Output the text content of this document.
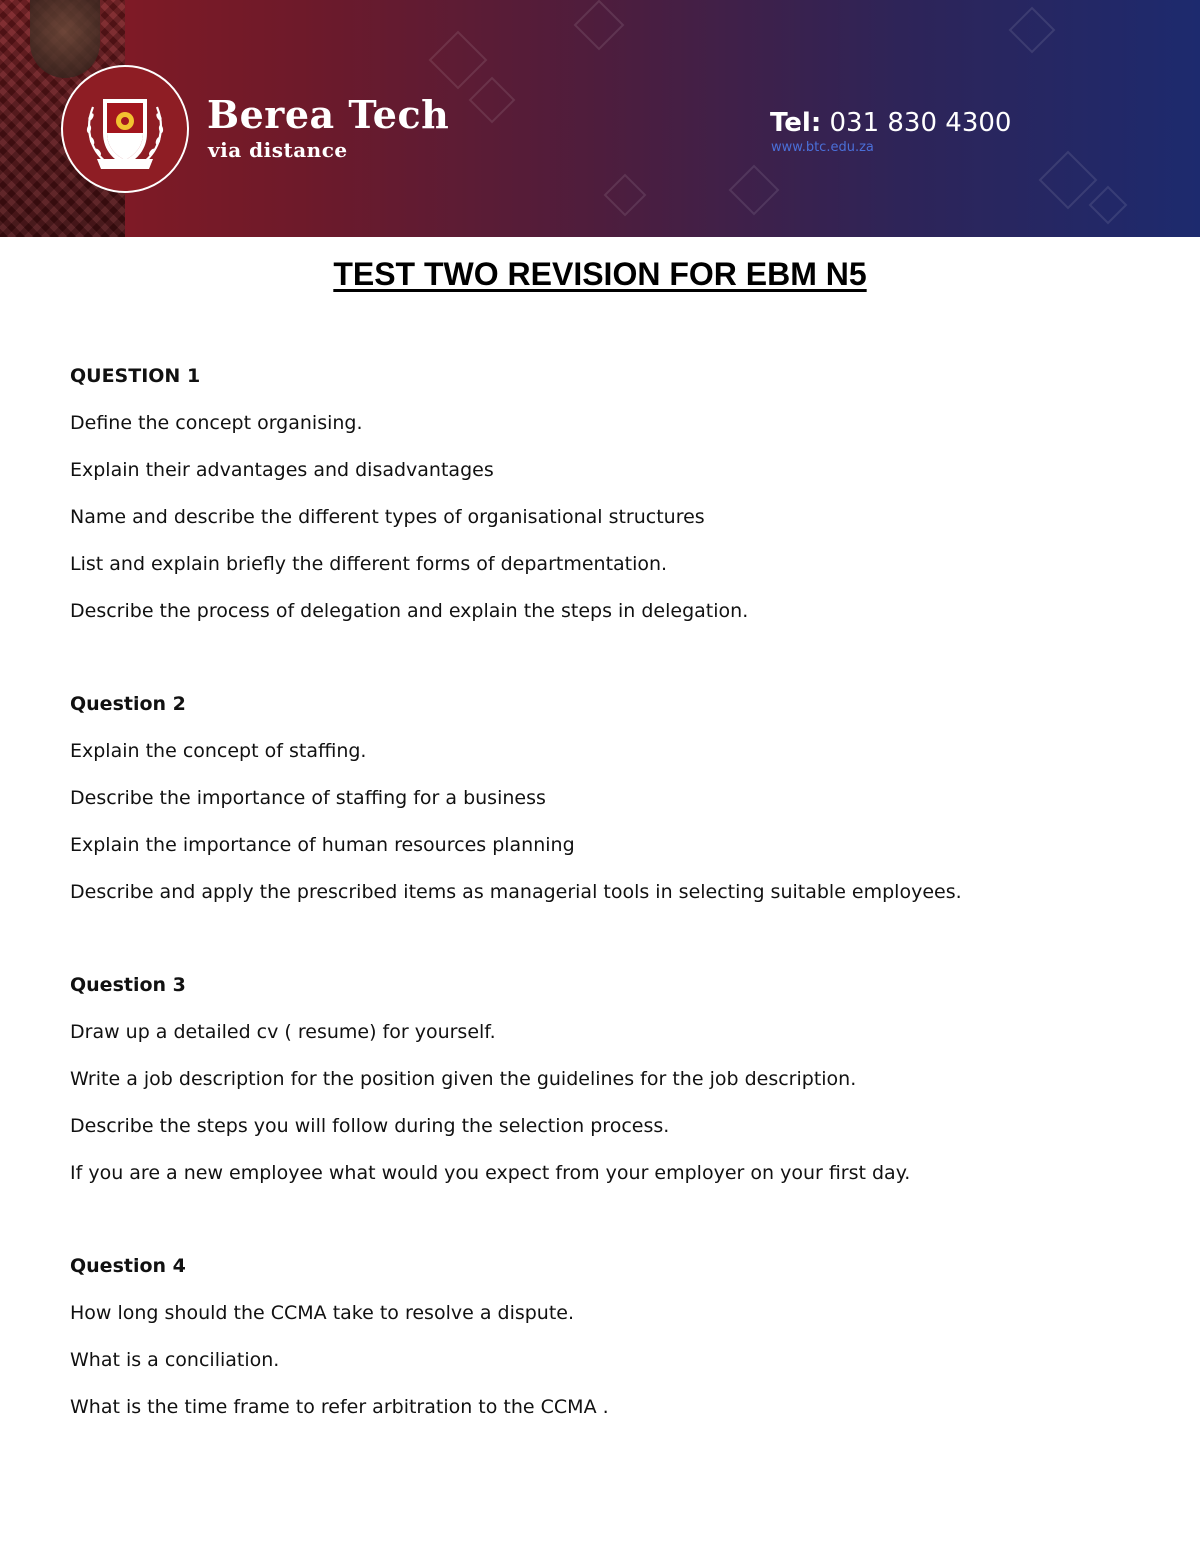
Berea Tech
via distance
Tel: 031 830 4300
www.btc.edu.za
TEST TWO REVISION FOR EBM N5
QUESTION 1
Define the concept organising.
Explain their advantages and disadvantages
Name and describe the different types of organisational structures
List and explain briefly the different forms of departmentation.
Describe the process of delegation and explain the steps in delegation.
Question 2
Explain the concept of staffing.
Describe the importance of staffing for a business
Explain the importance of human resources planning
Describe and apply the prescribed items as managerial tools in selecting suitable employees.
Question 3
Draw up a detailed cv ( resume) for yourself.
Write a job description for the position given the guidelines for the job description.
Describe the steps you will follow during the selection process.
If you are a new employee what would you expect from your employer on your first day.
Question 4
How long should the CCMA take to resolve a dispute.
What is a conciliation.
What is the time frame to refer arbitration to the CCMA .
